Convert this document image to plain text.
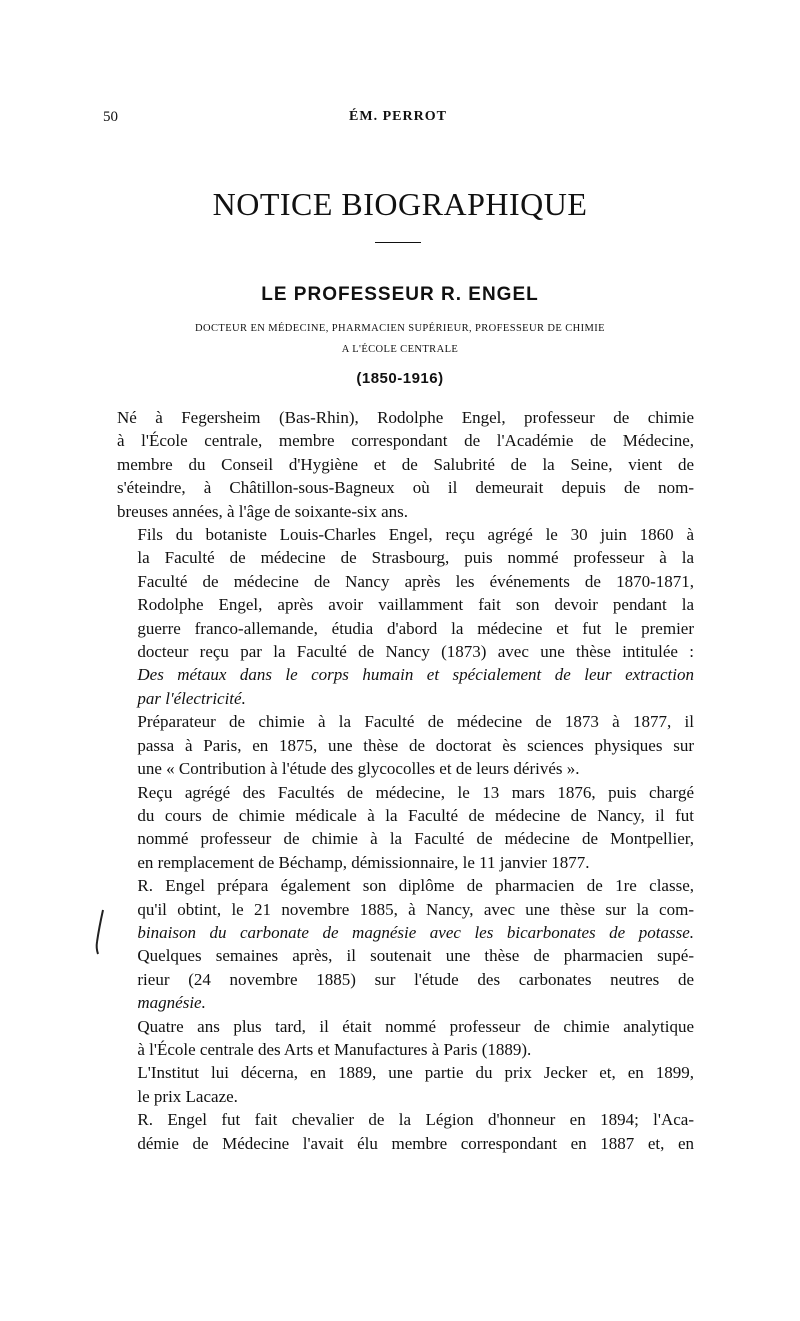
50	ÉM. PERROT
NOTICE BIOGRAPHIQUE
LE PROFESSEUR R. ENGEL
DOCTEUR EN MÉDECINE, PHARMACIEN SUPÉRIEUR, PROFESSEUR DE CHIMIE
A L'ÉCOLE CENTRALE
(1850-1916)

Né à Fegersheim (Bas-Rhin), Rodolphe Engel, professeur de chimie
à l'École centrale, membre correspondant de l'Académie de Médecine,
membre du Conseil d'Hygiène et de Salubrité de la Seine, vient de
s'éteindre, à Châtillon-sous-Bagneux où il demeurait depuis de nom-
breuses années, à l'âge de soixante-six ans.

Fils du botaniste Louis-Charles Engel, reçu agrégé le 30 juin 1860 à
la Faculté de médecine de Strasbourg, puis nommé professeur à la
Faculté de médecine de Nancy après les événements de 1870-1871,
Rodolphe Engel, après avoir vaillamment fait son devoir pendant la
guerre franco-allemande, étudia d'abord la médecine et fut le premier
docteur reçu par la Faculté de Nancy (1873) avec une thèse intitulée :
Des métaux dans le corps humain et spécialement de leur extraction
par l'électricité.

Préparateur de chimie à la Faculté de médecine de 1873 à 1877, il
passa à Paris, en 1875, une thèse de doctorat ès sciences physiques sur
une « Contribution à l'étude des glycocolles et de leurs dérivés ».

Reçu agrégé des Facultés de médecine, le 13 mars 1876, puis chargé
du cours de chimie médicale à la Faculté de médecine de Nancy, il fut
nommé professeur de chimie à la Faculté de médecine de Montpellier,
en remplacement de Béchamp, démissionnaire, le 11 janvier 1877.

R. Engel prépara également son diplôme de pharmacien de 1re classe,
qu'il obtint, le 21 novembre 1885, à Nancy, avec une thèse sur la com-
binaison du carbonate de magnésie avec les bicarbonates de potasse.
Quelques semaines après, il soutenait une thèse de pharmacien supé-
rieur (24 novembre 1885) sur l'étude des carbonates neutres de
magnésie.

Quatre ans plus tard, il était nommé professeur de chimie analytique
à l'École centrale des Arts et Manufactures à Paris (1889).

L'Institut lui décerna, en 1889, une partie du prix Jecker et, en 1899,
le prix Lacaze.

R. Engel fut fait chevalier de la Légion d'honneur en 1894; l'Aca-
démie de Médecine l'avait élu membre correspondant en 1887 et, en
